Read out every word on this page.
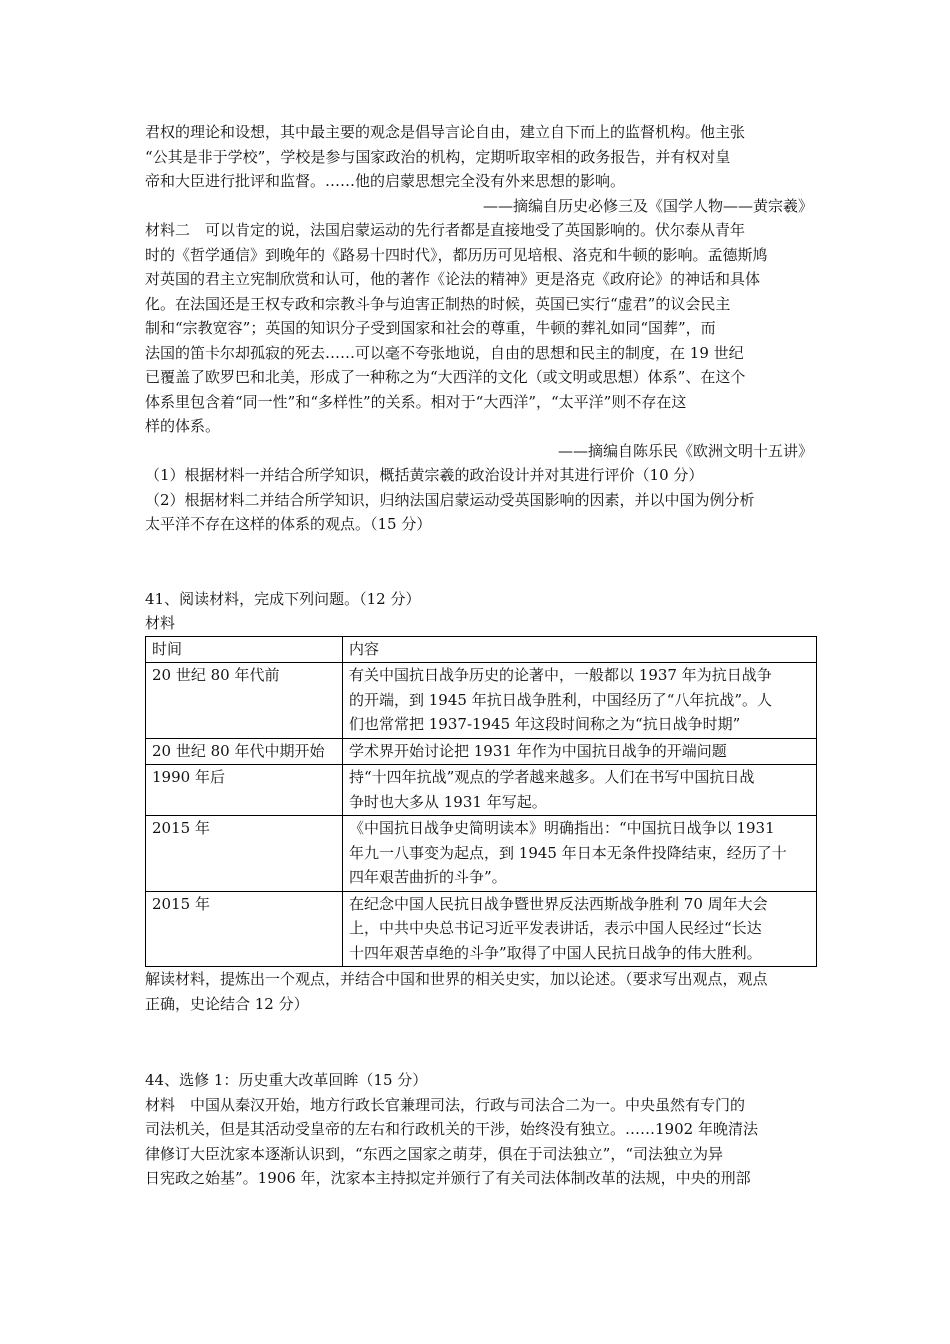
君权的理论和设想，其中最主要的观念是倡导言论自由，建立自下而上的监督机构。他主张

“公其是非于学校”，学校是参与国家政治的机构，定期听取宰相的政务报告，并有权对皇

帝和大臣进行批评和监督。……他的启蒙思想完全没有外来思想的影响。

——摘编自历史必修三及《国学人物——黄宗羲》

材料二　可以肯定的说，法国启蒙运动的先行者都是直接地受了英国影响的。伏尔泰从青年

时的《哲学通信》到晚年的《路易十四时代》，都历历可见培根、洛克和牛顿的影响。孟德斯鸠

对英国的君主立宪制欣赏和认可，他的著作《论法的精神》更是洛克《政府论》的神话和具体

化。在法国还是王权专政和宗教斗争与迫害正制热的时候，英国已实行“虚君”的议会民主

制和“宗教宽容”；英国的知识分子受到国家和社会的尊重，牛顿的葬礼如同“国葬”，而

法国的笛卡尔却孤寂的死去……可以毫不夸张地说，自由的思想和民主的制度，在 19 世纪

已覆盖了欧罗巴和北美，形成了一种称之为“大西洋的文化（或文明或思想）体系”、在这个

体系里包含着“同一性”和“多样性”的关系。相对于“大西洋”，“太平洋”则不存在这

样的体系。

——摘编自陈乐民《欧洲文明十五讲》

（1）根据材料一并结合所学知识，概括黄宗羲的政治设计并对其进行评价（10 分）

（2）根据材料二并结合所学知识，归纳法国启蒙运动受英国影响的因素，并以中国为例分析

太平洋不存在这样的体系的观点。（15 分）

41、阅读材料，完成下列问题。（12 分）

材料

时间	内容
20 世纪 80 年代前	有关中国抗日战争历史的论著中，一般都以 1937 年为抗日战争
的开端，到 1945 年抗日战争胜利，中国经历了“八年抗战”。人
们也常常把 1937-1945 年这段时间称之为“抗日战争时期”

20 世纪 80 年代中期开始	学术界开始讨论把 1931 年作为中国抗日战争的开端问题

1990 年后	持“十四年抗战”观点的学者越来越多。人们在书写中国抗日战
争时也大多从 1931 年写起。

2015 年	《中国抗日战争史简明读本》明确指出：“中国抗日战争以 1931
年九一八事变为起点，到 1945 年日本无条件投降结束，经历了十
四年艰苦曲折的斗争”。

2015 年	在纪念中国人民抗日战争暨世界反法西斯战争胜利 70 周年大会
上，中共中央总书记习近平发表讲话，表示中国人民经过“长达
十四年艰苦卓绝的斗争”取得了中国人民抗日战争的伟大胜利。

解读材料，提炼出一个观点，并结合中国和世界的相关史实，加以论述。（要求写出观点，观点

正确，史论结合 12 分）

44、选修 1：历史重大改革回眸（15 分）

材料　中国从秦汉开始，地方行政长官兼理司法，行政与司法合二为一。中央虽然有专门的

司法机关，但是其活动受皇帝的左右和行政机关的干涉，始终没有独立。……1902 年晚清法

律修订大臣沈家本逐渐认识到，“东西之国家之萌芽，俱在于司法独立”，“司法独立为异

日宪政之始基”。1906 年，沈家本主持拟定并颁行了有关司法体制改革的法规，中央的刑部
